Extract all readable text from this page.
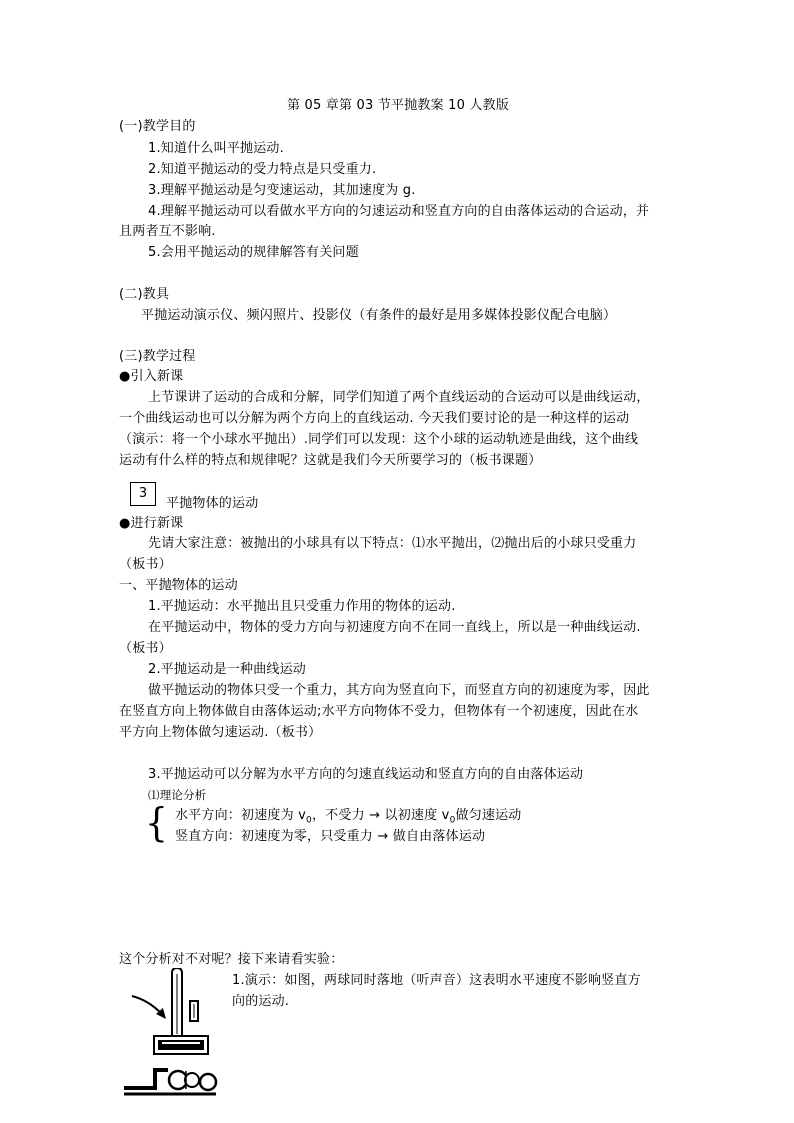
第 05 章第 03 节平抛教案 10 人教版
(一)教学目的
1.知道什么叫平抛运动.
2.知道平抛运动的受力特点是只受重力.
3.理解平抛运动是匀变速运动，其加速度为 g.
4.理解平抛运动可以看做水平方向的匀速运动和竖直方向的自由落体运动的合运动，并
且两者互不影响.
5.会用平抛运动的规律解答有关问题
(二)教具
平抛运动演示仪、频闪照片、投影仪（有条件的最好是用多媒体投影仪配合电脑）
(三)教学过程
●引入新课
上节课讲了运动的合成和分解，同学们知道了两个直线运动的合运动可以是曲线运动，
一个曲线运动也可以分解为两个方向上的直线运动. 今天我们要讨论的是一种这样的运动
（演示：将一个小球水平抛出）.同学们可以发现：这个小球的运动轨迹是曲线，这个曲线
运动有什么样的特点和规律呢？这就是我们今天所要学习的（板书课题）
3
平抛物体的运动
●进行新课
先请大家注意：被抛出的小球具有以下特点：⑴水平抛出，⑵抛出后的小球只受重力
（板书）
一、平抛物体的运动
1.平抛运动：水平抛出且只受重力作用的物体的运动.
在平抛运动中，物体的受力方向与初速度方向不在同一直线上，所以是一种曲线运动.
（板书）
2.平抛运动是一种曲线运动
做平抛运动的物体只受一个重力，其方向为竖直向下，而竖直方向的初速度为零，因此
在竖直方向上物体做自由落体运动;水平方向物体不受力，但物体有一个初速度，因此在水
平方向上物体做匀速运动.（板书）
3.平抛运动可以分解为水平方向的匀速直线运动和竖直方向的自由落体运动
⑴理论分析
{ 水平方向：初速度为 $v_0$，不受力 → 以初速度 $v_0$做匀速运动
竖直方向：初速度为零，只受重力 → 做自由落体运动
这个分析对不对呢？接下来请看实验：
1.演示：如图，两球同时落地（听声音）这表明水平速度不影响竖直方
向的运动.
